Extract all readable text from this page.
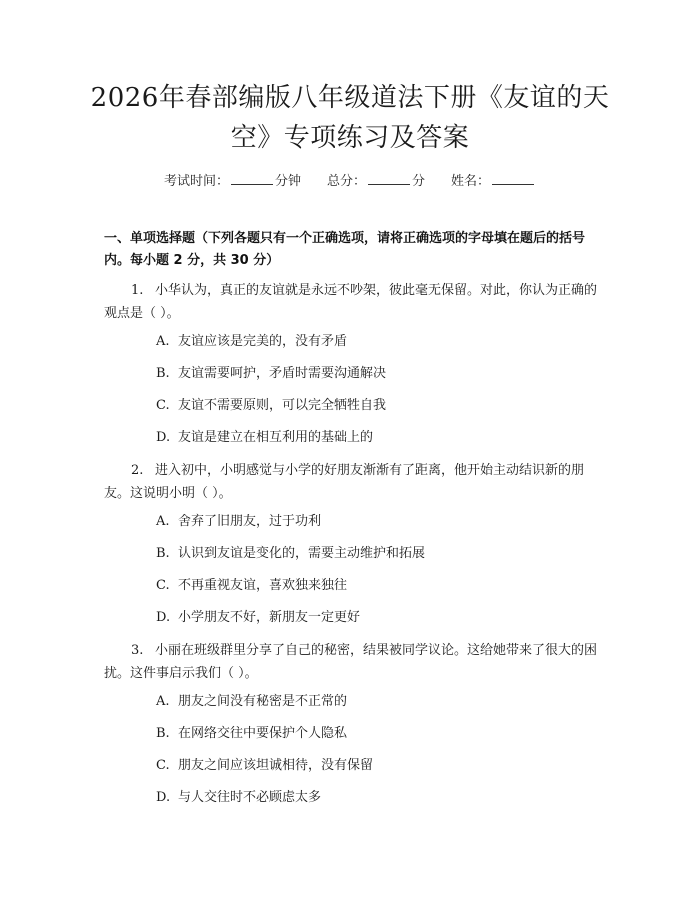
2026年春部编版八年级道法下册《友谊的天空》专项练习及答案
考试时间：	分钟 总分：	分 姓名：
一、单项选择题（下列各题只有一个正确选项，请将正确选项的字母填在题后的括号内。每小题 2 分，共 30 分）
1. 小华认为，真正的友谊就是永远不吵架，彼此毫无保留。对此，你认为正确的观点是（ ）。
A. 友谊应该是完美的，没有矛盾
B. 友谊需要呵护，矛盾时需要沟通解决
C. 友谊不需要原则，可以完全牺牲自我
D. 友谊是建立在相互利用的基础上的
2. 进入初中，小明感觉与小学的好朋友渐渐有了距离，他开始主动结识新的朋友。这说明小明（ ）。
A. 舍弃了旧朋友，过于功利
B. 认识到友谊是变化的，需要主动维护和拓展
C. 不再重视友谊，喜欢独来独往
D. 小学朋友不好，新朋友一定更好
3. 小丽在班级群里分享了自己的秘密，结果被同学议论。这给她带来了很大的困扰。这件事启示我们（ ）。
A. 朋友之间没有秘密是不正常的
B. 在网络交往中要保护个人隐私
C. 朋友之间应该坦诚相待，没有保留
D. 与人交往时不必顾虑太多
